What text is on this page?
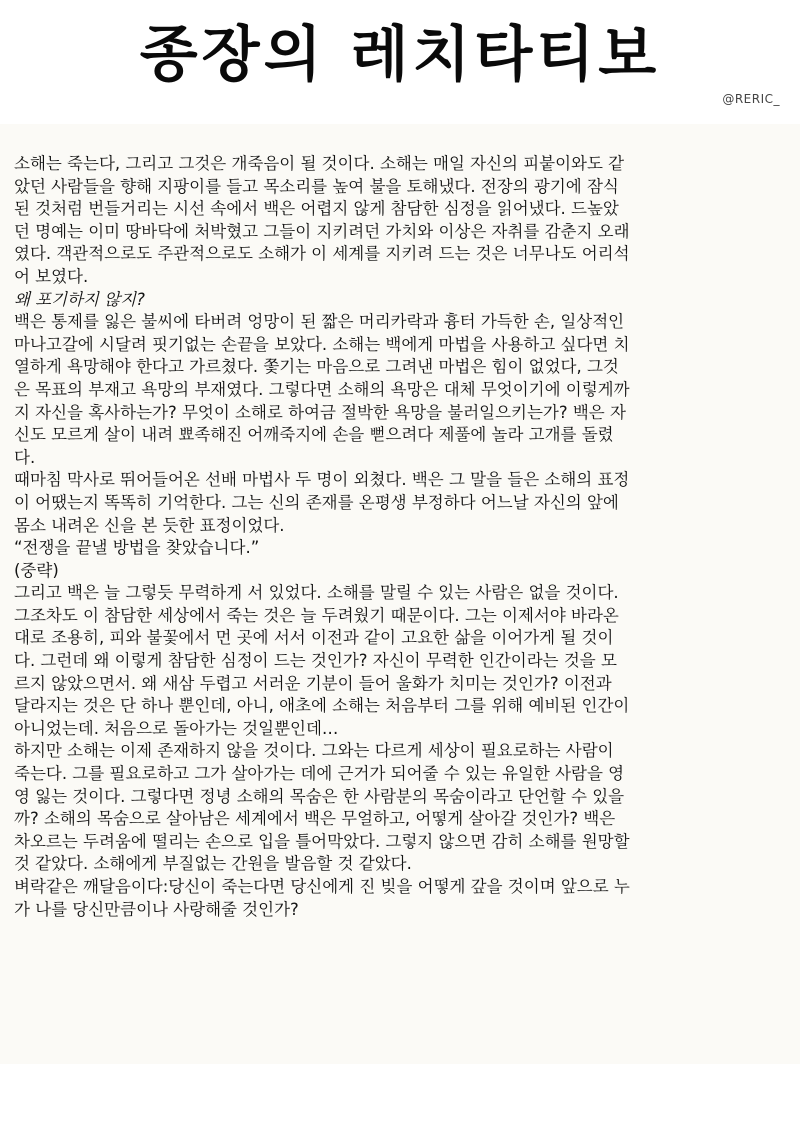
종장의 레치타티보
@RERIC_
소해는 죽는다, 그리고 그것은 개죽음이 될 것이다. 소해는 매일 자신의 피붙이와도 같
았던 사람들을 향해 지팡이를 들고 목소리를 높여 불을 토해냈다. 전장의 광기에 잠식
된 것처럼 번들거리는 시선 속에서 백은 어렵지 않게 참담한 심정을 읽어냈다. 드높았
던 명예는 이미 땅바닥에 처박혔고 그들이 지키려던 가치와 이상은 자취를 감춘지 오래
였다. 객관적으로도 주관적으로도 소해가 이 세계를 지키려 드는 것은 너무나도 어리석
어 보였다.
왜 포기하지 않지?
백은 통제를 잃은 불씨에 타버려 엉망이 된 짧은 머리카락과 흉터 가득한 손, 일상적인
마나고갈에 시달려 핏기없는 손끝을 보았다. 소해는 백에게 마법을 사용하고 싶다면 치
열하게 욕망해야 한다고 가르쳤다. 쫓기는 마음으로 그려낸 마법은 힘이 없었다, 그것
은 목표의 부재고 욕망의 부재였다. 그렇다면 소해의 욕망은 대체 무엇이기에 이렇게까
지 자신을 혹사하는가? 무엇이 소해로 하여금 절박한 욕망을 불러일으키는가? 백은 자
신도 모르게 살이 내려 뾰족해진 어깨죽지에 손을 뻗으려다 제풀에 놀라 고개를 돌렸
다.
때마침 막사로 뛰어들어온 선배 마법사 두 명이 외쳤다. 백은 그 말을 들은 소해의 표정
이 어땠는지 똑똑히 기억한다. 그는 신의 존재를 온평생 부정하다 어느날 자신의 앞에
몸소 내려온 신을 본 듯한 표정이었다.
“전쟁을 끝낼 방법을 찾았습니다.”
(중략)
그리고 백은 늘 그렇듯 무력하게 서 있었다. 소해를 말릴 수 있는 사람은 없을 것이다.
그조차도 이 참담한 세상에서 죽는 것은 늘 두려웠기 때문이다. 그는 이제서야 바라온
대로 조용히, 피와 불꽃에서 먼 곳에 서서 이전과 같이 고요한 삶을 이어가게 될 것이
다. 그런데 왜 이렇게 참담한 심정이 드는 것인가? 자신이 무력한 인간이라는 것을 모
르지 않았으면서. 왜 새삼 두렵고 서러운 기분이 들어 울화가 치미는 것인가? 이전과
달라지는 것은 단 하나 뿐인데, 아니, 애초에 소해는 처음부터 그를 위해 예비된 인간이
아니었는데. 처음으로 돌아가는 것일뿐인데…
하지만 소해는 이제 존재하지 않을 것이다. 그와는 다르게 세상이 필요로하는 사람이
죽는다. 그를 필요로하고 그가 살아가는 데에 근거가 되어줄 수 있는 유일한 사람을 영
영 잃는 것이다. 그렇다면 정녕 소해의 목숨은 한 사람분의 목숨이라고 단언할 수 있을
까? 소해의 목숨으로 살아남은 세계에서 백은 무얼하고, 어떻게 살아갈 것인가? 백은
차오르는 두려움에 떨리는 손으로 입을 틀어막았다. 그렇지 않으면 감히 소해를 원망할
것 같았다. 소해에게 부질없는 간원을 발음할 것 같았다.
벼락같은 깨달음이다:당신이 죽는다면 당신에게 진 빚을 어떻게 갚을 것이며 앞으로 누
가 나를 당신만큼이나 사랑해줄 것인가?
